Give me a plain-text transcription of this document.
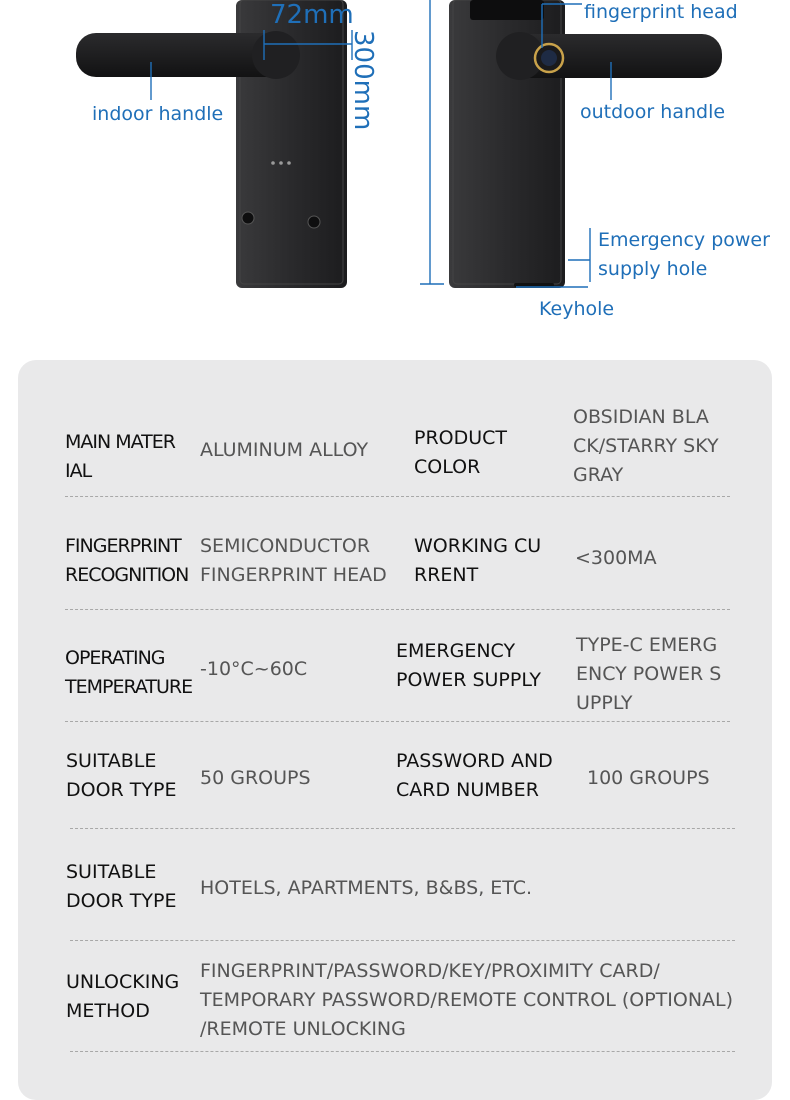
72mm
300mm
fingerprint head
indoor handle	outdoor handle
Emergency power
supply hole
Keyhole
MAIN MATER
IAL
ALUMINUM ALLOY
PRODUCT
COLOR
OBSIDIAN BLA
CK/STARRY SKY
GRAY
FINGERPRINT
RECOGNITION
SEMICONDUCTOR
FINGERPRINT HEAD
WORKING CU
RRENT
<300MA
OPERATING
TEMPERATURE
-10°C~60C
EMERGENCY
POWER SUPPLY
TYPE-C EMERG
ENCY POWER S
UPPLY
SUITABLE
DOOR TYPE
50 GROUPS
PASSWORD AND
CARD NUMBER
100 GROUPS
SUITABLE
DOOR TYPE
HOTELS, APARTMENTS, B&BS, ETC.
UNLOCKING
METHOD
FINGERPRINT/PASSWORD/KEY/PROXIMITY CARD/
TEMPORARY PASSWORD/REMOTE CONTROL (OPTIONAL)
/REMOTE UNLOCKING
